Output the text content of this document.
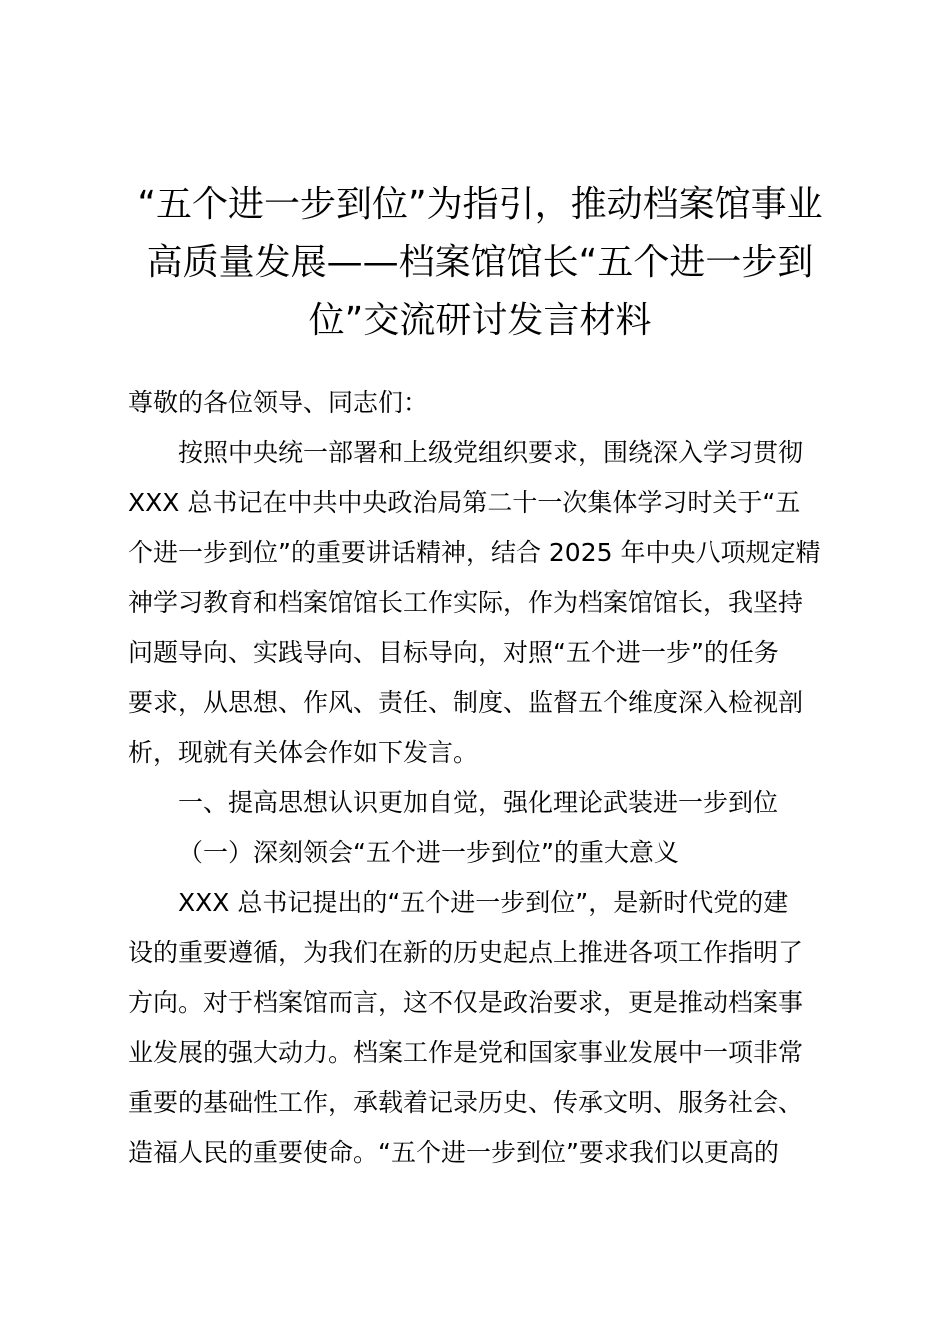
“五个进一步到位”为指引，推动档案馆事业
高质量发展——档案馆馆长“五个进一步到
位”交流研讨发言材料
尊敬的各位领导、同志们：
按照中央统一部署和上级党组织要求，围绕深入学习贯彻
XXX 总书记在中共中央政治局第二十一次集体学习时关于“五
个进一步到位”的重要讲话精神，结合 2025 年中央八项规定精
神学习教育和档案馆馆长工作实际，作为档案馆馆长，我坚持
问题导向、实践导向、目标导向，对照“五个进一步”的任务
要求，从思想、作风、责任、制度、监督五个维度深入检视剖
析，现就有关体会作如下发言。
一、提高思想认识更加自觉，强化理论武装进一步到位
（一）深刻领会“五个进一步到位”的重大意义
XXX 总书记提出的“五个进一步到位”，是新时代党的建
设的重要遵循，为我们在新的历史起点上推进各项工作指明了
方向。对于档案馆而言，这不仅是政治要求，更是推动档案事
业发展的强大动力。档案工作是党和国家事业发展中一项非常
重要的基础性工作，承载着记录历史、传承文明、服务社会、
造福人民的重要使命。“五个进一步到位”要求我们以更高的
